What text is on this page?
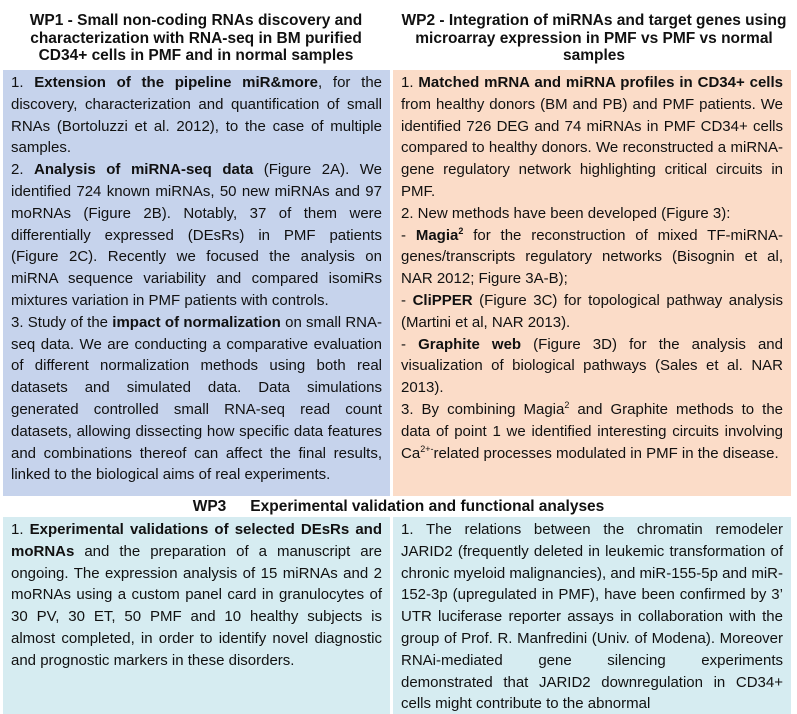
WP1 - Small non-coding RNAs discovery and characterization with RNA-seq in BM purified CD34+ cells in PMF and in normal samples
WP2 - Integration of miRNAs and target genes using microarray expression in PMF vs PMF vs normal samples

1. Extension of the pipeline miR&more, for the discovery, characterization and quantification of small RNAs (Bortoluzzi et al. 2012), to the case of multiple samples.

2. Analysis of miRNA-seq data (Figure 2A). We identified 724 known miRNAs, 50 new miRNAs and 97 moRNAs (Figure 2B). Notably, 37 of them were differentially expressed (DEsRs) in PMF patients (Figure 2C). Recently we focused the analysis on miRNA sequence variability and compared isomiRs mixtures variation in PMF patients with controls.

3. Study of the impact of normalization on small RNA-seq data. We are conducting a comparative evaluation of different normalization methods using both real datasets and simulated data. Data simulations generated controlled small RNA-seq read count datasets, allowing dissecting how specific data features and combinations thereof can affect the final results, linked to the biological aims of real experiments.

1. Matched mRNA and miRNA profiles in CD34+ cells from healthy donors (BM and PB) and PMF patients. We identified 726 DEG and 74 miRNAs in PMF CD34+ cells compared to healthy donors. We reconstructed a miRNA-gene regulatory network highlighting critical circuits in PMF.

2. New methods have been developed (Figure 3):

- Magia$^2$ for the reconstruction of mixed TF-miRNA-genes/transcripts regulatory networks (Bisognin et al, NAR 2012; Figure 3A-B);

- CliPPER (Figure 3C) for topological pathway analysis (Martini et al, NAR 2013).

- Graphite web (Figure 3D) for the analysis and visualization of biological pathways (Sales et al. NAR 2013).

3. By combining Magia$^2$ and Graphite methods to the data of point 1 we identified interesting circuits involving $Ca^{2+-}related$ processes modulated in PMF in the disease.

WP3 Experimental validation and functional analyses

1. Experimental validations of selected DEsRs and moRNAs and the preparation of a manuscript are ongoing. The expression analysis of 15 miRNAs and 2 moRNAs using a custom panel card in granulocytes of 30 PV, 30 ET, 50 PMF and 10 healthy subjects is almost completed, in order to identify novel diagnostic and prognostic markers in these disorders.

1. The relations between the chromatin remodeler JARID2 (frequently deleted in leukemic transformation of chronic myeloid malignancies), and miR-155-5p and miR-152-3p (upregulated in PMF), have been confirmed by 3’ UTR luciferase reporter assays in collaboration with the group of Prof. R. Manfredini (Univ. of Modena). Moreover RNAi-mediated gene silencing experiments demonstrated that JARID2 downregulation in CD34+ cells might contribute to the abnormal
